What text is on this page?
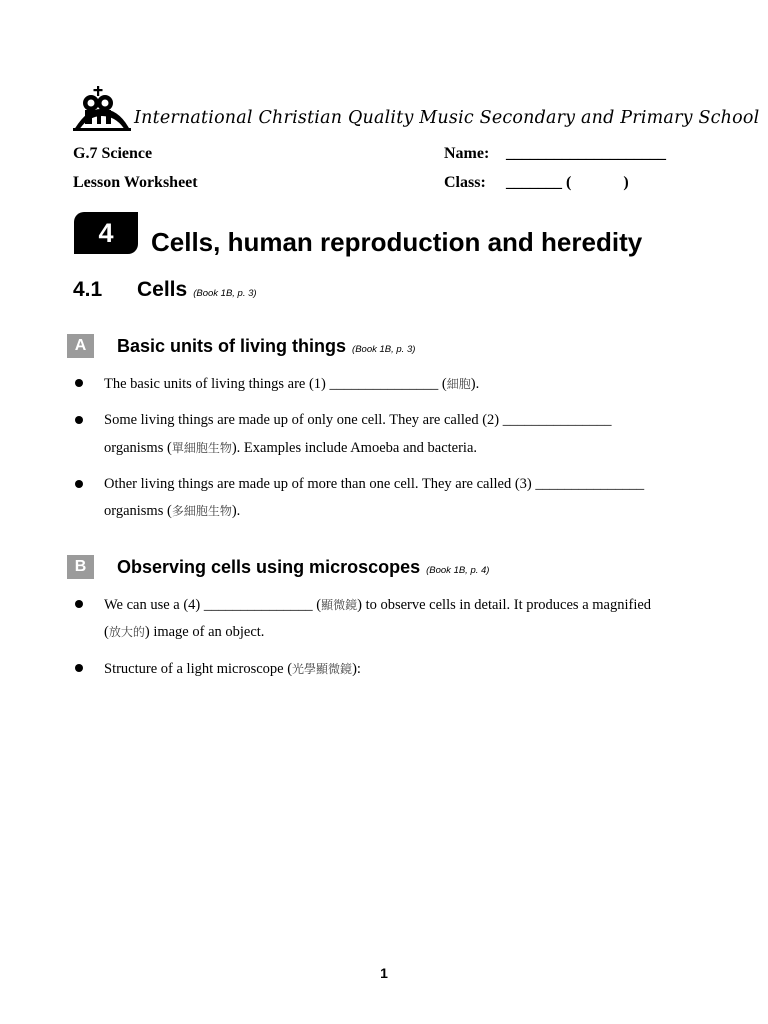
International Christian Quality Music Secondary and Primary School
G.7 Science
Lesson Worksheet
Name: ____________________
Class: _______ (             )
4 Cells, human reproduction and heredity
4.1 Cells (Book 1B, p. 3)
A Basic units of living things (Book 1B, p. 3)
The basic units of living things are (1) _______________ (細胞).
Some living things are made up of only one cell. They are called (2) _______________
organisms (單細胞生物). Examples include Amoeba and bacteria.
Other living things are made up of more than one cell. They are called (3) _______________
organisms (多細胞生物).
B Observing cells using microscopes (Book 1B, p. 4)
We can use a (4) _______________ (顯微鏡) to observe cells in detail. It produces a magnified
(放大的) image of an object.
Structure of a light microscope (光學顯微鏡):
1
